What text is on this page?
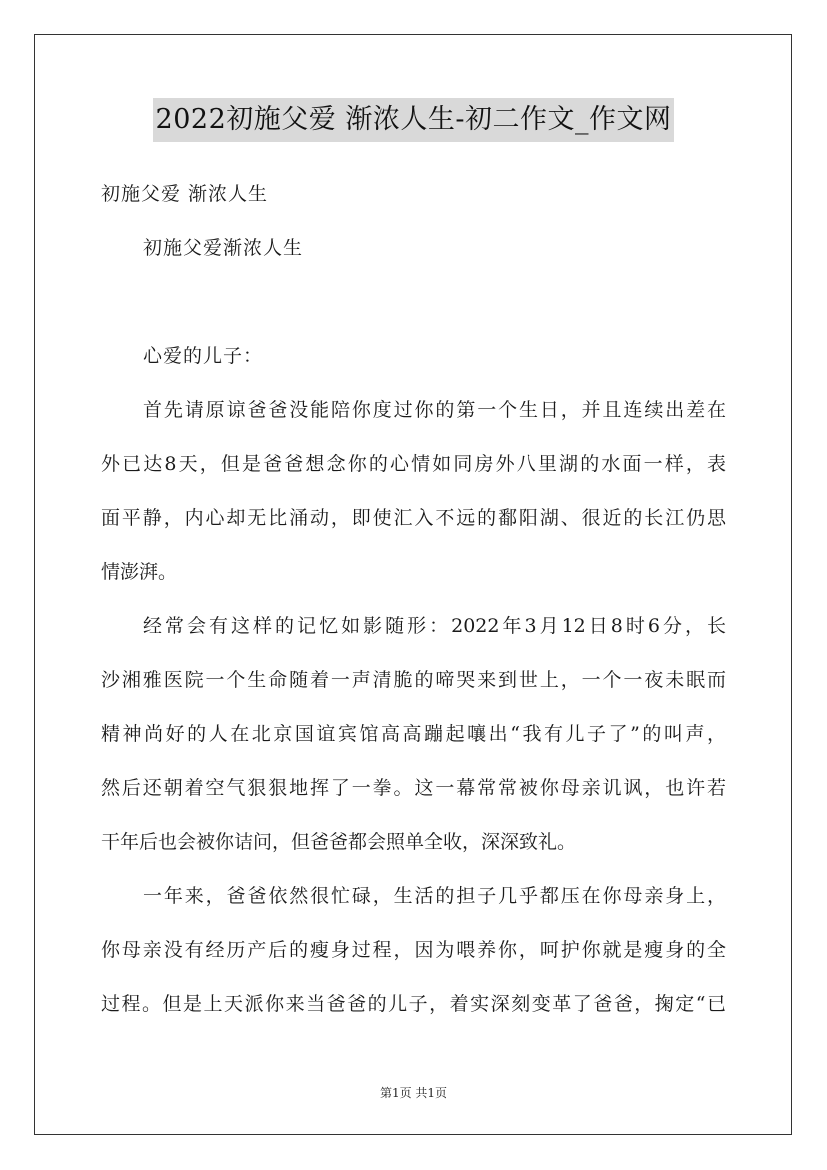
2022初施父爱 渐浓人生-初二作文_作文网
初施父爱 渐浓人生
初施父爱渐浓人生
心爱的儿子：
首先请原谅爸爸没能陪你度过你的第一个生日，并且连续出差在
外已达8天，但是爸爸想念你的心情如同房外八里湖的水面一样，表
面平静，内心却无比涌动，即使汇入不远的鄱阳湖、很近的长江仍思
情澎湃。
经常会有这样的记忆如影随形：2022年3月12日8时6分，长
沙湘雅医院一个生命随着一声清脆的啼哭来到世上，一个一夜未眠而
精神尚好的人在北京国谊宾馆高高蹦起嚷出“我有儿子了”的叫声，
然后还朝着空气狠狠地挥了一拳。这一幕常常被你母亲讥讽，也许若
干年后也会被你诘问，但爸爸都会照单全收，深深致礼。
一年来，爸爸依然很忙碌，生活的担子几乎都压在你母亲身上，
你母亲没有经历产后的瘦身过程，因为喂养你，呵护你就是瘦身的全
过程。但是上天派你来当爸爸的儿子，着实深刻变革了爸爸，掬定“已
第1页 共1页
